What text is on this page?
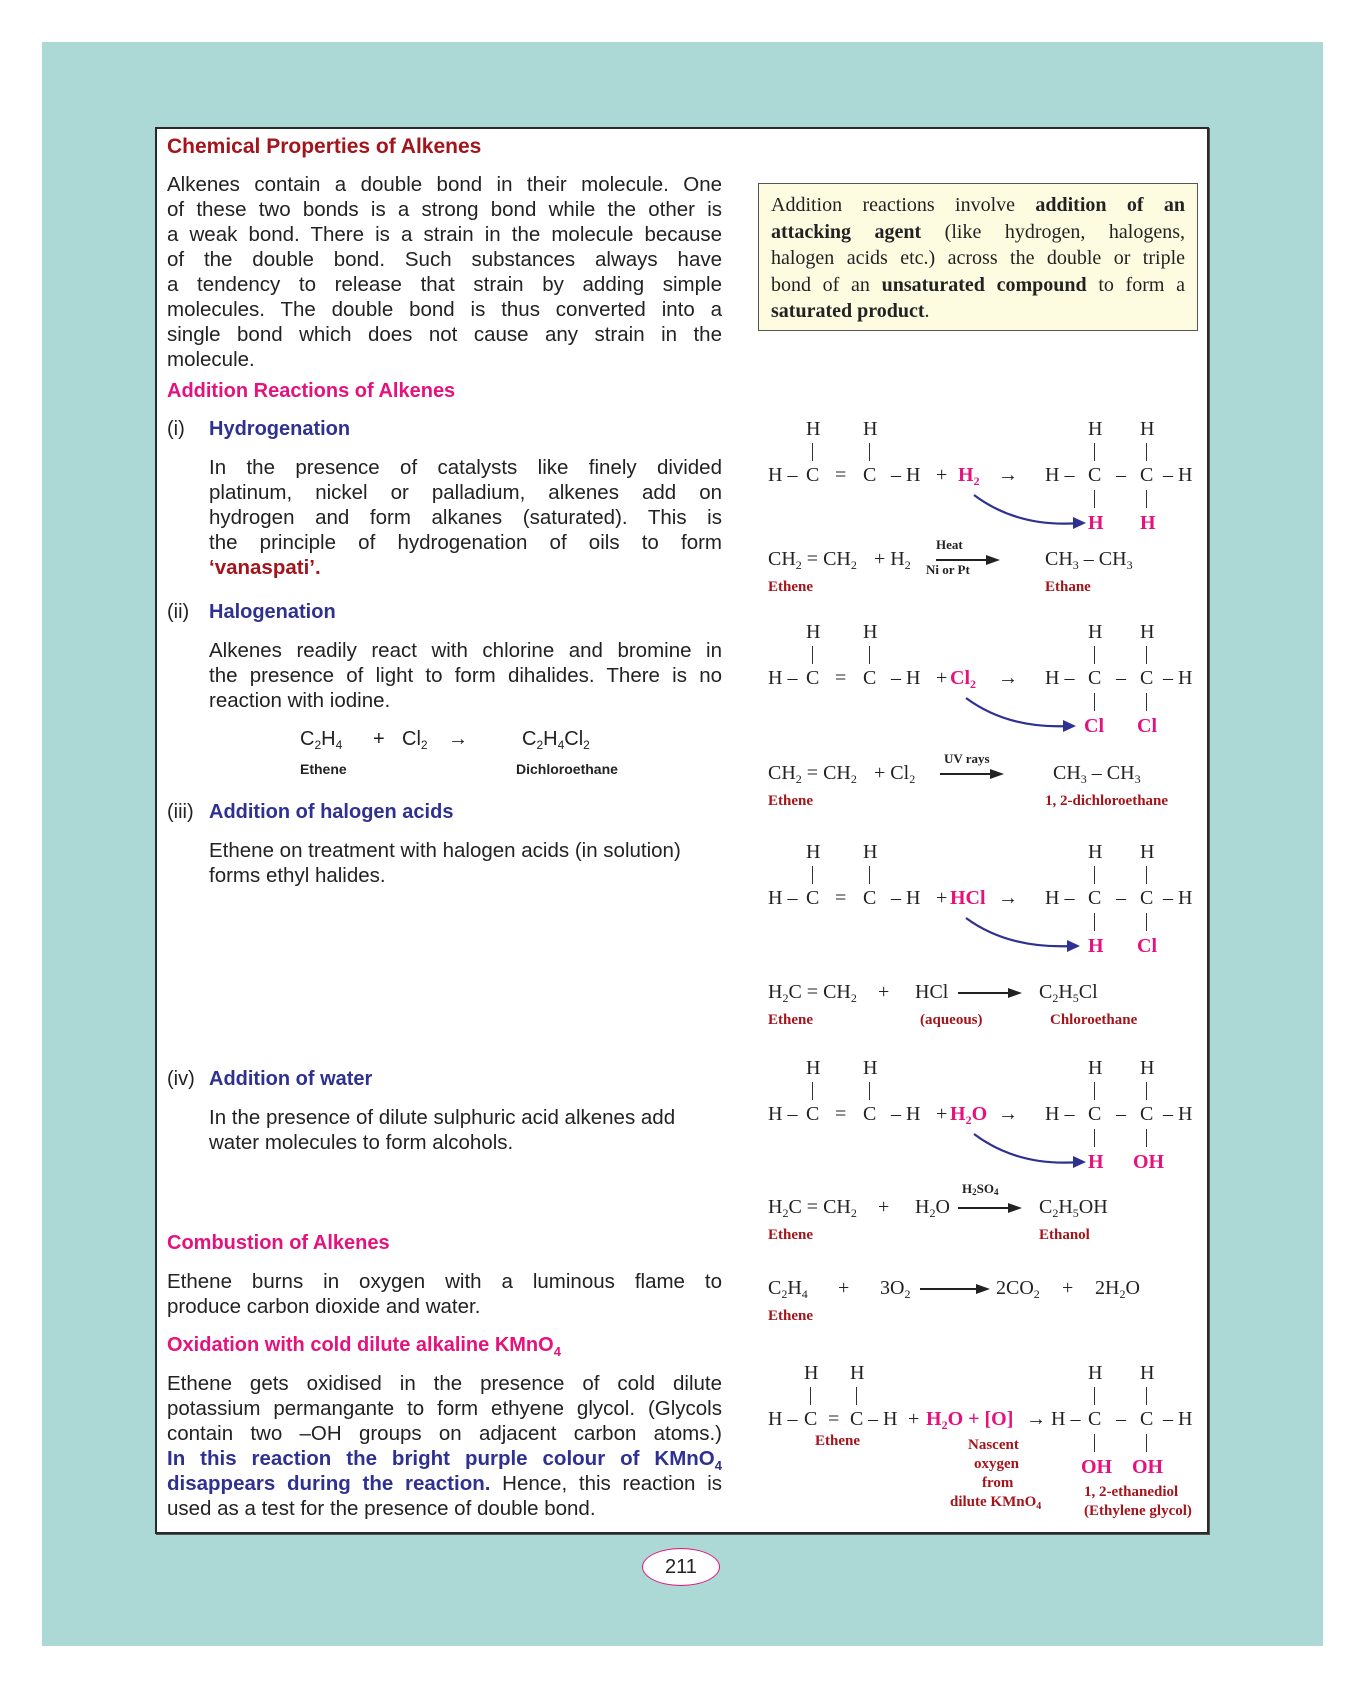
Chemical Properties of Alkenes
Alkenes contain a double bond in their molecule. One
of these two bonds is a strong bond while the other is
a weak bond. There is a strain in the molecule because
of the double bond. Such substances always have
a tendency to release that strain by adding simple
molecules. The double bond is thus converted into a
single bond which does not cause any strain in the
molecule.
Addition Reactions of Alkenes
(i) Hydrogenation
In the presence of catalysts like finely divided
platinum, nickel or palladium, alkenes add on
hydrogen and form alkanes (saturated). This is
the principle of hydrogenation of oils to form
‘vanaspati’.
(ii) Halogenation
Alkenes readily react with chlorine and bromine in
the presence of light to form dihalides. There is no
reaction with iodine.
$C_2H_4 + Cl_2$ →	$C_2H_4Cl_2$
Ethene	Dichloroethane
(iii) Addition of halogen acids
Ethene on treatment with halogen acids (in solution)
forms ethyl halides.
(iv) Addition of water
In the presence of dilute sulphuric acid alkenes add
water molecules to form alcohols.
Combustion of Alkenes
Ethene burns in oxygen with a luminous flame to
produce carbon dioxide and water.
Oxidation with cold dilute alkaline KMnO$_4$
Ethene gets oxidised in the presence of cold dilute
potassium permangante to form ethyene glycol. (Glycols
contain two –OH groups on adjacent carbon atoms.)
In this reaction the bright purple colour of KMnO$_4$
disappears during the reaction. Hence, this reaction is
used as a test for the presence of double bond.
Addition reactions involve addition of an
attacking agent (like hydrogen, halogens,
halogen acids etc.) across the double or triple
bond of an unsaturated compound to form a
saturated product.
H H
$H - C = C - H + H_2 \to H$ –
H H
C – C – H
H H
$CH_2 = CH_2 + H_2$
Heat
Ni or Pt	$CH_3 - CH_3$
Ethene	Ethane
H H
$H - C = C - H + Cl_2 \to H$ –
H H
C – C – H
Cl Cl
$CH_2 = CH_2 + Cl_2$
UV rays
$CH_3 - CH_3$
Ethene	1, 2-dichloroethane
H H
H – C = C – H + HCl → H –
H H
C – C – H
H Cl
$H_2C = CH_2$ + HCl	$C_2H_5Cl$
Ethene	(aqueous)	Chloroethane
H H
$H - C = C - H + H_2O \to H$ –
H H
C – C – H
H OH
$H_2C = CH_2 + H_2O$
$H_2SO_4$
$C_2H_5OH$
Ethene	Ethanol
$C_2H_4 + 3O_2$	$2CO_2 + 2H_2O$
Ethene
H H
$H - C = C - H + H_2O + [O] \to H$ –
H H
C – C – H
OH OH
Ethene	Nascent
oxygen
from
dilute KMnO$_4$
1, 2-ethanediol
(Ethylene glycol)
211
